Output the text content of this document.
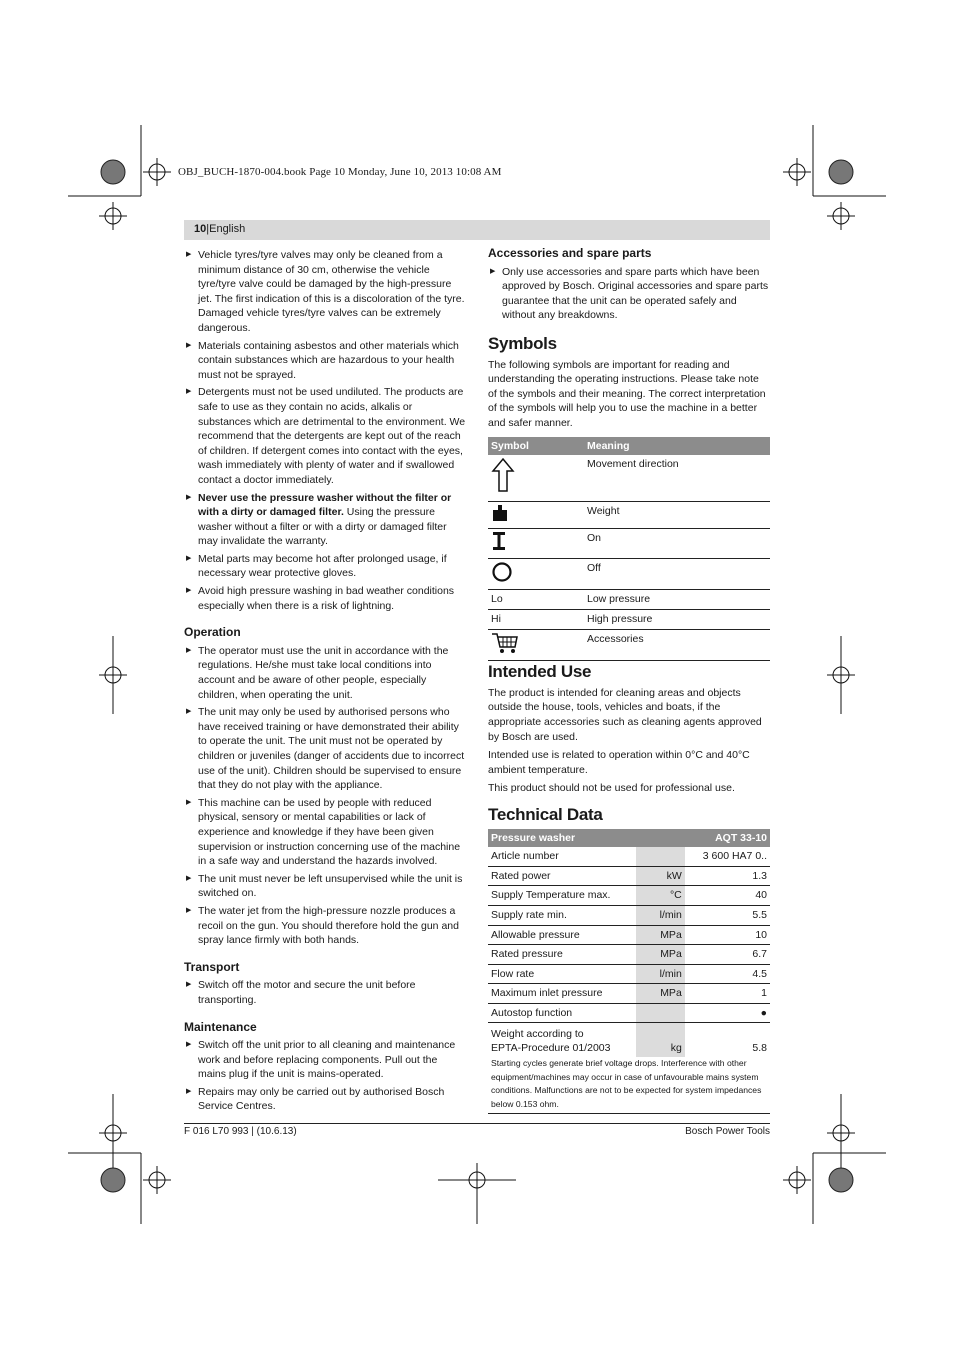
OBJ_BUCH-1870-004.book Page 10 Monday, June 10, 2013 10:08 AM
10|English
▶ Vehicle tyres/tyre valves may only be cleaned from a minimum distance of 30 cm, otherwise the vehicle tyre/tyre valve could be damaged by the high-pressure jet. The first indication of this is a discoloration of the tyre. Damaged vehicle tyres/tyre valves can be extremely dangerous.
▶ Materials containing asbestos and other materials which contain substances which are hazardous to your health must not be sprayed.
▶ Detergents must not be used undiluted. The products are safe to use as they contain no acids, alkalis or substances which are detrimental to the environment. We recommend that the detergents are kept out of the reach of children. If detergent comes into contact with the eyes, wash immediately with plenty of water and if swallowed contact a doctor immediately.
▶ Never use the pressure washer without the filter or with a dirty or damaged filter. Using the pressure washer without a filter or with a dirty or damaged filter may invalidate the warranty.
▶ Metal parts may become hot after prolonged usage, if necessary wear protective gloves.
▶ Avoid high pressure washing in bad weather conditions especially when there is a risk of lightning.
Operation
▶ The operator must use the unit in accordance with the regulations. He/she must take local conditions into account and be aware of other people, especially children, when operating the unit.
▶ The unit may only be used by authorised persons who have received training or have demonstrated their ability to operate the unit. The unit must not be operated by children or juveniles (danger of accidents due to incorrect use of the unit). Children should be supervised to ensure that they do not play with the appliance.
▶ This machine can be used by people with reduced physical, sensory or mental capabilities or lack of experience and knowledge if they have been given supervision or instruction concerning use of the machine in a safe way and understand the hazards involved.
▶ The unit must never be left unsupervised while the unit is switched on.
▶ The water jet from the high-pressure nozzle produces a recoil on the gun. You should therefore hold the gun and spray lance firmly with both hands.
Transport
▶ Switch off the motor and secure the unit before transporting.
Maintenance
▶ Switch off the unit prior to all cleaning and maintenance work and before replacing components. Pull out the mains plug if the unit is mains-operated.
▶ Repairs may only be carried out by authorised Bosch Service Centres.
Accessories and spare parts
▶ Only use accessories and spare parts which have been approved by Bosch. Original accessories and spare parts guarantee that the unit can be operated safely and without any breakdowns.
Symbols

The following symbols are important for reading and understanding the operating instructions. Please take note of the symbols and their meaning. The correct interpretation of the symbols will help you to use the machine in a better and safer manner.

Symbol	Meaning
	Movement direction
	Weight
	On
	Off
Lo	Low pressure
Hi	High pressure
	Accessories
Intended Use

The product is intended for cleaning areas and objects outside the house, tools, vehicles and boats, if the appropriate accessories such as cleaning agents approved by Bosch are used.

Intended use is related to operation within 0°C and 40°C ambient temperature.

This product should not be used for professional use.

Technical Data
Pressure washer		AQT 33-10
Article number		3 600 HA7 0..
Rated power	kW	1.3
Supply Temperature max.	°C	40
Supply rate min.	l/min	5.5
Allowable pressure	MPa	10
Rated pressure	MPa	6.7
Flow rate	l/min	4.5
Maximum inlet pressure	MPa	1
Autostop function		●

Weight according to
EPTA-Procedure 01/2003	kg	5.8
Starting cycles generate brief voltage drops. Interference with other equipment/machines may occur in case of unfavourable mains system conditions. Malfunctions are not to be expected for system impedances below 0.153 ohm.		
F 016 L70 993 | (10.6.13)	Bosch Power Tools
